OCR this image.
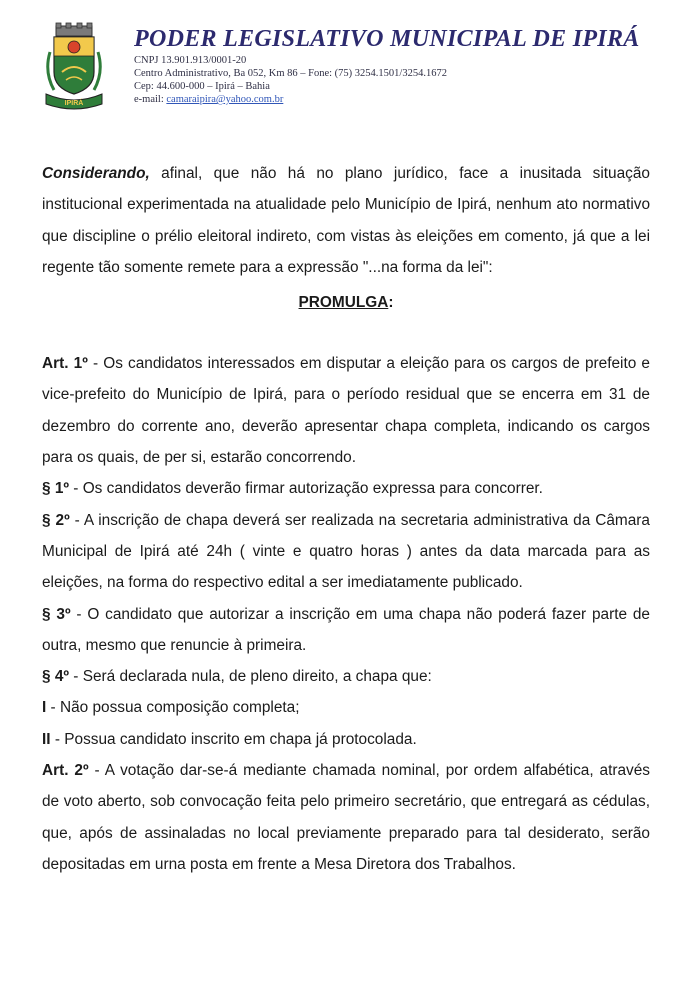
IPIRÁ
PODER LEGISLATIVO MUNICIPAL DE IPIRÁ
CNPJ 13.901.913/0001-20
Centro Administrativo, Ba 052, Km 86 – Fone: (75) 3254.1501/3254.1672
Cep: 44.600-000 – Ipirá – Bahia
e-mail: camaraipira@yahoo.com.br

Considerando, afinal, que não há no plano jurídico, face a inusitada situação institucional experimentada na atualidade pelo Município de Ipirá, nenhum ato normativo que discipline o prélio eleitoral indireto, com vistas às eleições em comento, já que a lei regente tão somente remete para a expressão "...na forma da lei":

PROMULGA:

Art. 1º - Os candidatos interessados em disputar a eleição para os cargos de prefeito e vice-prefeito do Município de Ipirá, para o período residual que se encerra em 31 de dezembro do corrente ano, deverão apresentar chapa completa, indicando os cargos para os quais, de per si, estarão concorrendo.

§ 1º - Os candidatos deverão firmar autorização expressa para concorrer.

§ 2º - A inscrição de chapa deverá ser realizada na secretaria administrativa da Câmara Municipal de Ipirá até 24h ( vinte e quatro horas ) antes da data marcada para as eleições, na forma do respectivo edital a ser imediatamente publicado.

§ 3º - O candidato que autorizar a inscrição em uma chapa não poderá fazer parte de outra, mesmo que renuncie à primeira.

§ 4º - Será declarada nula, de pleno direito, a chapa que:

I - Não possua composição completa;

II - Possua candidato inscrito em chapa já protocolada.

Art. 2º - A votação dar-se-á mediante chamada nominal, por ordem alfabética, através de voto aberto, sob convocação feita pelo primeiro secretário, que entregará as cédulas, que, após de assinaladas no local previamente preparado para tal desiderato, serão depositadas em urna posta em frente a Mesa Diretora dos Trabalhos.
